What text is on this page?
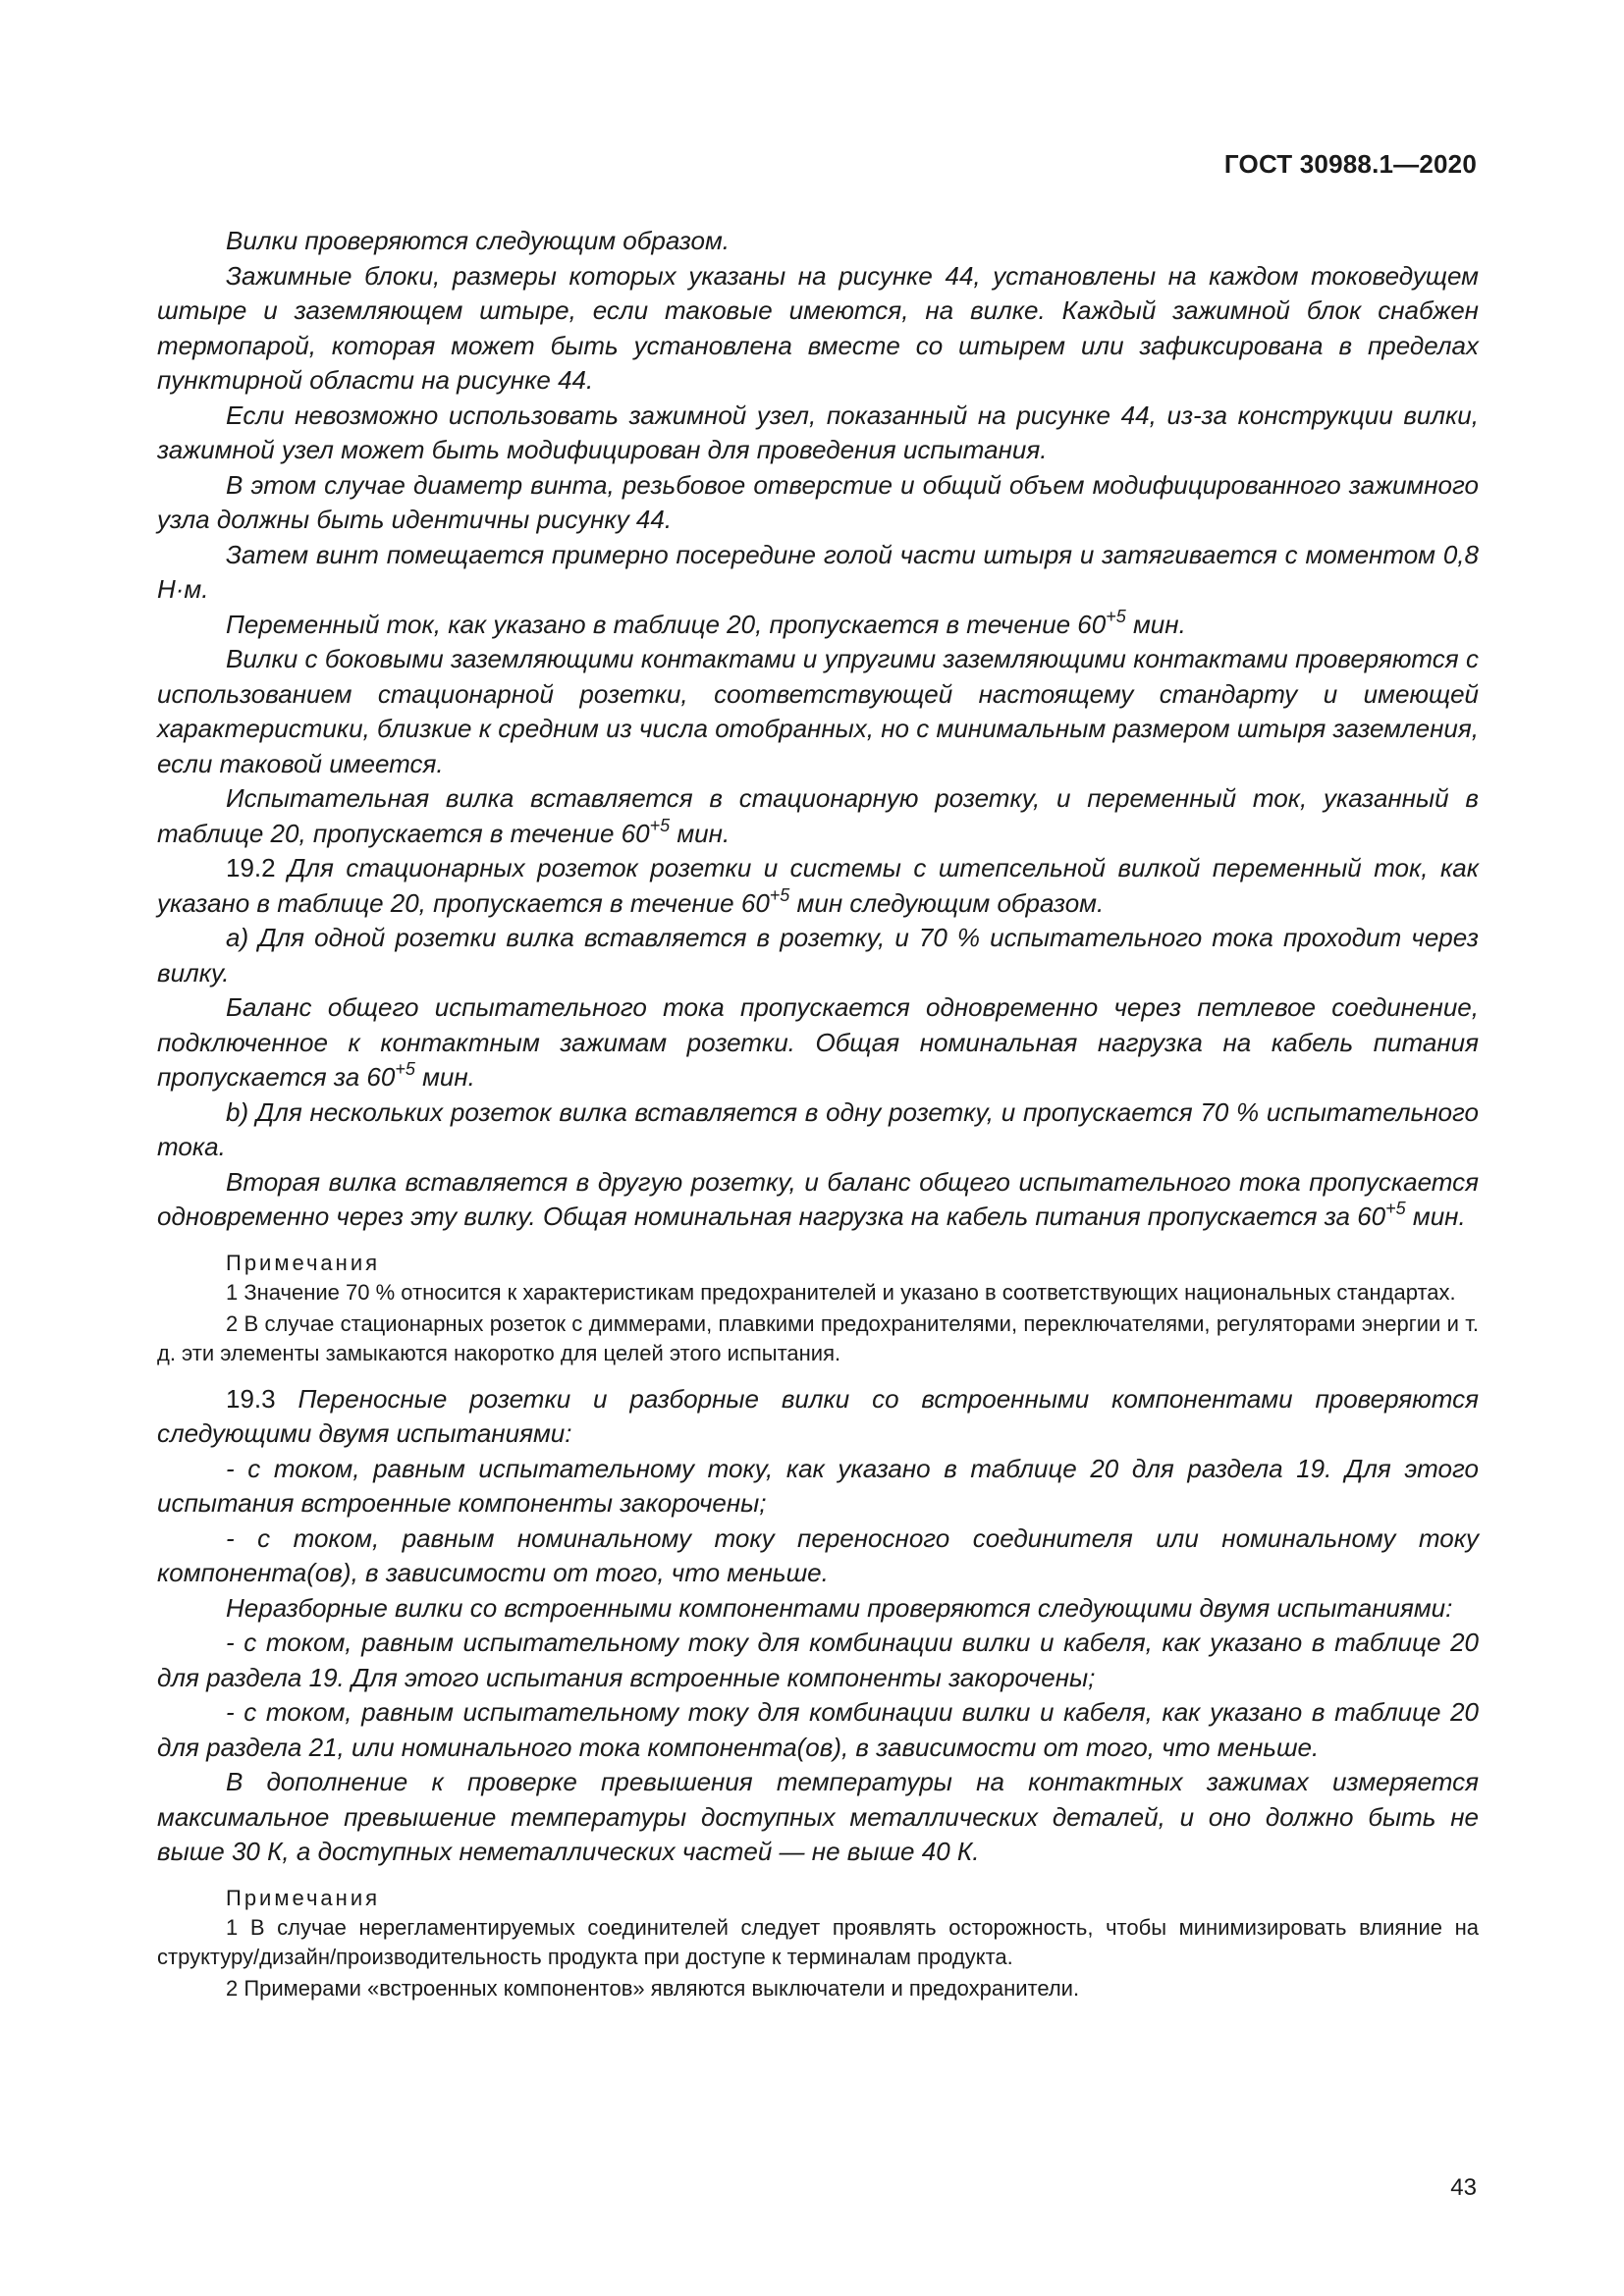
ГОСТ 30988.1—2020

Вилки проверяются следующим образом.

Зажимные блоки, размеры которых указаны на рисунке 44, установлены на каждом токоведущем штыре и заземляющем штыре, если таковые имеются, на вилке. Каждый зажимной блок снабжен термопарой, которая может быть установлена вместе со штырем или зафиксирована в пределах пунктирной области на рисунке 44.

Если невозможно использовать зажимной узел, показанный на рисунке 44, из-за конструкции вилки, зажимной узел может быть модифицирован для проведения испытания.

В этом случае диаметр винта, резьбовое отверстие и общий объем модифицированного зажимного узла должны быть идентичны рисунку 44.

Затем винт помещается примерно посередине голой части штыря и затягивается с моментом 0,8 Н·м.

Переменный ток, как указано в таблице 20, пропускается в течение $60^{+5}$ мин.

Вилки с боковыми заземляющими контактами и упругими заземляющими контактами проверяются с использованием стационарной розетки, соответствующей настоящему стандарту и имеющей характеристики, близкие к средним из числа отобранных, но с минимальным размером штыря заземления, если таковой имеется.

Испытательная вилка вставляется в стационарную розетку, и переменный ток, указанный в таблице 20, пропускается в течение $60^{+5}$ мин.

19.2 Для стационарных розеток розетки и системы с штепсельной вилкой переменный ток, как указано в таблице 20, пропускается в течение $60^{+5}$ мин следующим образом.

а) Для одной розетки вилка вставляется в розетку, и 70 % испытательного тока проходит через вилку.

Баланс общего испытательного тока пропускается одновременно через петлевое соединение, подключенное к контактным зажимам розетки. Общая номинальная нагрузка на кабель питания пропускается за $60^{+5}$ мин.

b) Для нескольких розеток вилка вставляется в одну розетку, и пропускается 70 % испытательного тока.

Вторая вилка вставляется в другую розетку, и баланс общего испытательного тока пропускается одновременно через эту вилку. Общая номинальная нагрузка на кабель питания пропускается за $60^{+5}$ мин.

Примечания

1 Значение 70 % относится к характеристикам предохранителей и указано в соответствующих национальных стандартах.

2 В случае стационарных розеток с диммерами, плавкими предохранителями, переключателями, регуляторами энергии и т. д. эти элементы замыкаются накоротко для целей этого испытания.

19.3 Переносные розетки и разборные вилки со встроенными компонентами проверяются следующими двумя испытаниями:

- с током, равным испытательному току, как указано в таблице 20 для раздела 19. Для этого испытания встроенные компоненты закорочены;

- с током, равным номинальному току переносного соединителя или номинальному току компонента(ов), в зависимости от того, что меньше.

Неразборные вилки со встроенными компонентами проверяются следующими двумя испытаниями:

- с током, равным испытательному току для комбинации вилки и кабеля, как указано в таблице 20 для раздела 19. Для этого испытания встроенные компоненты закорочены;

- с током, равным испытательному току для комбинации вилки и кабеля, как указано в таблице 20 для раздела 21, или номинального тока компонента(ов), в зависимости от того, что меньше.

В дополнение к проверке превышения температуры на контактных зажимах измеряется максимальное превышение температуры доступных металлических деталей, и оно должно быть не выше 30 К, а доступных неметаллических частей — не выше 40 К.

Примечания

1 В случае нерегламентируемых соединителей следует проявлять осторожность, чтобы минимизировать влияние на структуру/дизайн/производительность продукта при доступе к терминалам продукта.

2 Примерами «встроенных компонентов» являются выключатели и предохранители.

43
